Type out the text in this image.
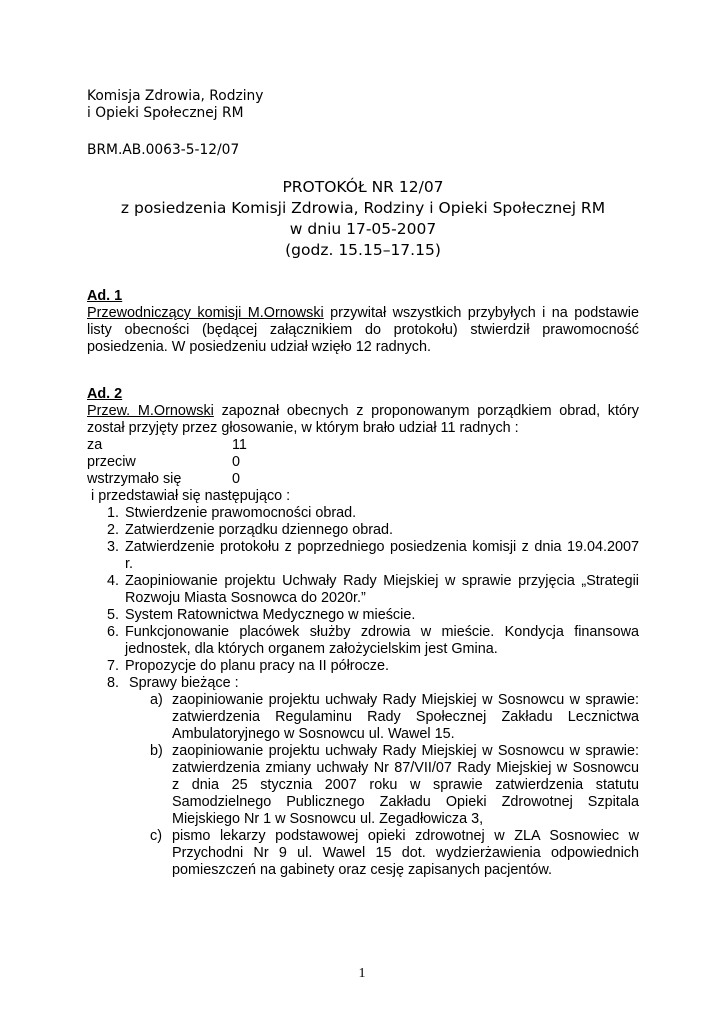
Komisja Zdrowia, Rodziny
i Opieki Społecznej RM
BRM.AB.0063-5-12/07
PROTOKÓŁ NR 12/07
z posiedzenia Komisji Zdrowia, Rodziny i Opieki Społecznej RM
w dniu 17-05-2007
(godz. 15.15–17.15)
Ad. 1
Przewodniczący komisji M.Ornowski przywitał wszystkich przybyłych i na podstawie listy obecności (będącej załącznikiem do protokołu) stwierdził prawomocność posiedzenia. W posiedzeniu udział wzięło 12 radnych.
Ad. 2
Przew. M.Ornowski zapoznał obecnych z proponowanym porządkiem obrad, który został przyjęty przez głosowanie, w którym brało udział 11 radnych :
za	11
przeciw	0
wstrzymało się	0
i przedstawiał się następująco :
1. Stwierdzenie prawomocności obrad.
2. Zatwierdzenie porządku dziennego obrad.
3. Zatwierdzenie protokołu z poprzedniego posiedzenia komisji z dnia 19.04.2007 r.
4. Zaopiniowanie projektu Uchwały Rady Miejskiej w sprawie przyjęcia „Strategii Rozwoju Miasta Sosnowca do 2020r.”
5. System Ratownictwa Medycznego w mieście.
6. Funkcjonowanie placówek służby zdrowia w mieście. Kondycja finansowa jednostek, dla których organem założycielskim jest Gmina.
7. Propozycje do planu pracy na II półrocze.
8. Sprawy bieżące :
a) zaopiniowanie projektu uchwały Rady Miejskiej w Sosnowcu w sprawie: zatwierdzenia Regulaminu Rady Społecznej Zakładu Lecznictwa Ambulatoryjnego w Sosnowcu ul. Wawel 15.
b) zaopiniowanie projektu uchwały Rady Miejskiej w Sosnowcu w sprawie: zatwierdzenia zmiany uchwały Nr 87/VII/07 Rady Miejskiej w Sosnowcu z dnia 25 stycznia 2007 roku w sprawie zatwierdzenia statutu Samodzielnego Publicznego Zakładu Opieki Zdrowotnej Szpitala Miejskiego Nr 1 w Sosnowcu ul. Zegadłowicza 3,
c) pismo lekarzy podstawowej opieki zdrowotnej w ZLA Sosnowiec w Przychodni Nr 9 ul. Wawel 15 dot. wydzierżawienia odpowiednich pomieszczeń na gabinety oraz cesję zapisanych pacjentów.
1
